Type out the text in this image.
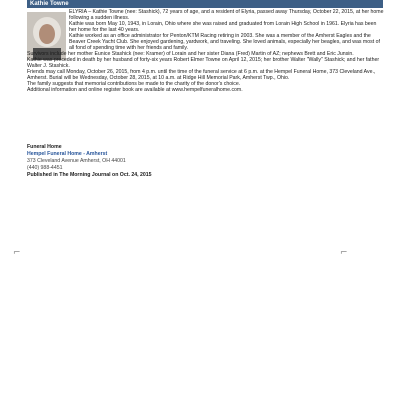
Kathie Towne

ELYRIA – Kathie Towne (nee: Stashick), 72 years of age, and a resident of Elyria, passed away Thursday, October 22, 2015, at her home following a sudden illness.

Kathie was born May 10, 1943, in Lorain, Ohio where she was raised and graduated from Lorain High School in 1961. Elyria has been her home for the last 40 years.

Kathie worked as an office administrator for Penton/KTM Racing retiring in 2003. She was a member of the Amherst Eagles and the Beaver Creek Yacht Club. She enjoyed gardening, yardwork, and traveling. She loved animals, especially her beagles, and was most of all fond of spending time with her friends and family.

Survivors include her mother Eunice Stashick (nee: Kramer) of Lorain and her sister Diana (Fred) Martin of AZ; nephews Brett and Eric Junsin.

Kathie was preceded in death by her husband of forty-six years Robert Elmer Towne on April 12, 2015; her brother Walter "Wally" Stashick; and her father Walter J. Stashick.

Friends may call Monday, October 26, 2015, from 4 p.m. until the time of the funeral service at 6 p.m. at the Hempel Funeral Home, 373 Cleveland Ave., Amherst. Burial will be Wednesday, October 28, 2015, at 10 a.m. at Ridge Hill Memorial Park, Amherst Twp., Ohio.

The family suggests that memorial contributions be made to the charity of the donor's choice.

Additional information and online register book are available at www.hempelfuneralhome.com.

Funeral Home
Hempel Funeral Home - Amherst
373 Cleveland Avenue Amherst, OH 44001
(440) 988-4451
Published in The Morning Journal on Oct. 24, 2015
⌐	⌐
